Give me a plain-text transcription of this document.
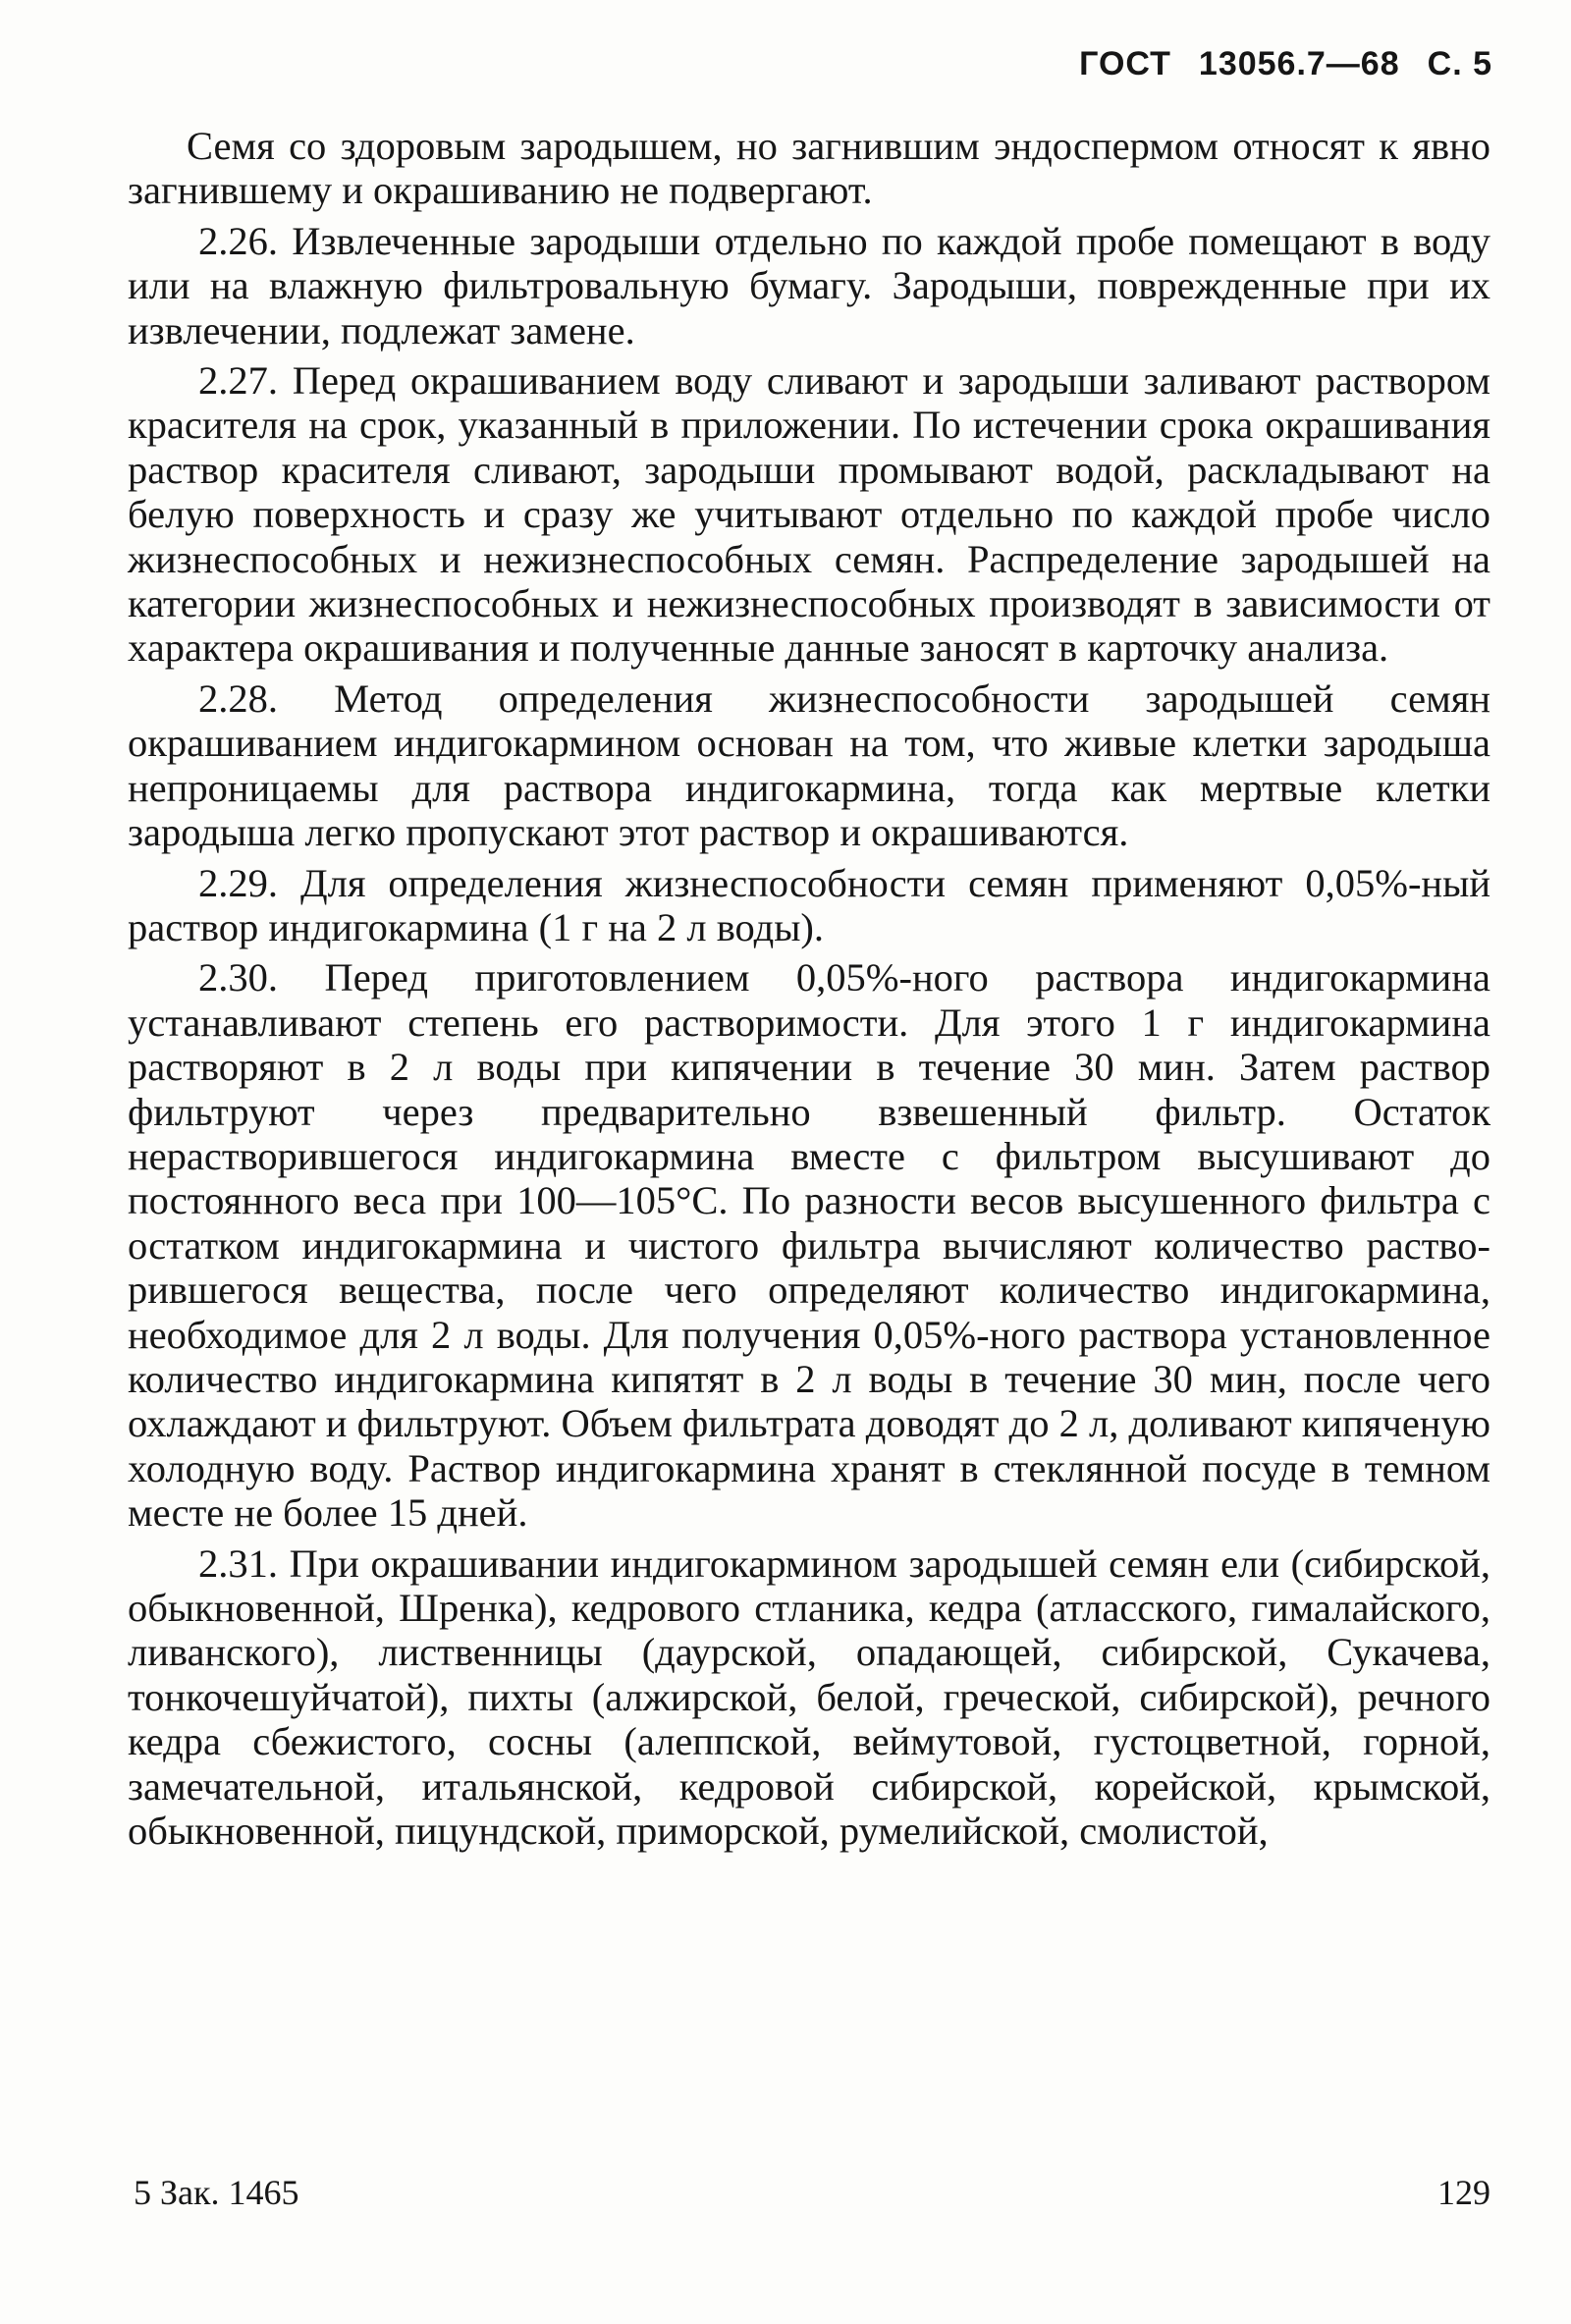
ГОСТ 13056.7—68 С. 5

Семя со здоровым зародышем, но загнившим эндоспермом относят к явно загнившему и окрашиванию не подвергают.

2.26. Извлеченные зародыши отдельно по каждой пробе помещают в воду или на влажную фильтровальную бумагу. Зародыши, поврежденные при их извлечении, подлежат замене.

2.27. Перед окрашиванием воду сливают и зародыши заливают раствором красителя на срок, указанный в приложении. По истечении срока окрашивания раствор красителя сливают, зародыши промывают водой, раскладывают на белую поверхность и сразу же учитывают отдельно по каждой пробе число жизнеспособных и нежизнеспособных семян. Распределение зародышей на категории жизнеспособных и нежизнеспособных производят в зависимости от характера окрашивания и полученные данные заносят в карточку анализа.

2.28. Метод определения жизнеспособности зародышей семян окрашиванием индигокармином основан на том, что живые клетки зародыша непроницаемы для раствора индигокармина, тогда как мертвые клетки зародыша легко пропускают этот раствор и окрашиваются.

2.29. Для определения жизнеспособности семян применяют 0,05%-ный раствор индигокармина (1 г на 2 л воды).

2.30. Перед приготовлением 0,05%-ного раствора индигокармина устанавливают степень его растворимости. Для этого 1 г индигокармина растворяют в 2 л воды при кипячении в течение 30 мин. Затем раствор фильтруют через предварительно взвешенный фильтр. Остаток нерастворившегося индигокармина вместе с фильтром высушивают до постоянного веса при 100—105°С. По разности весов высушенного фильтра с остатком индигокармина и чистого фильтра вычисляют количество растворившегося вещества, после чего определяют количество индигокармина, необходимое для 2 л воды. Для получения 0,05%-ного раствора установленное количество индигокармина кипятят в 2 л воды в течение 30 мин, после чего охлаждают и фильтруют. Объем фильтрата доводят до 2 л, доливают кипяченую холодную воду. Раствор индигокармина хранят в стеклянной посуде в темном месте не более 15 дней.

2.31. При окрашивании индигокармином зародышей семян ели (сибирской, обыкновенной, Шренка), кедрового стланика, кедра (атласского, гималайского, ливанского), лиственницы (даурской, опадающей, сибирской, Сукачева, тонкочешуйчатой), пихты (алжирской, белой, греческой, сибирской), речного кедра сбежистого, сосны (алеппской, веймутовой, густоцветной, горной, замечательной, итальянской, кедровой сибирской, корейской, крымской, обыкновенной, пицундской, приморской, румелийской, смолистой,

5 Зак. 1465	129
